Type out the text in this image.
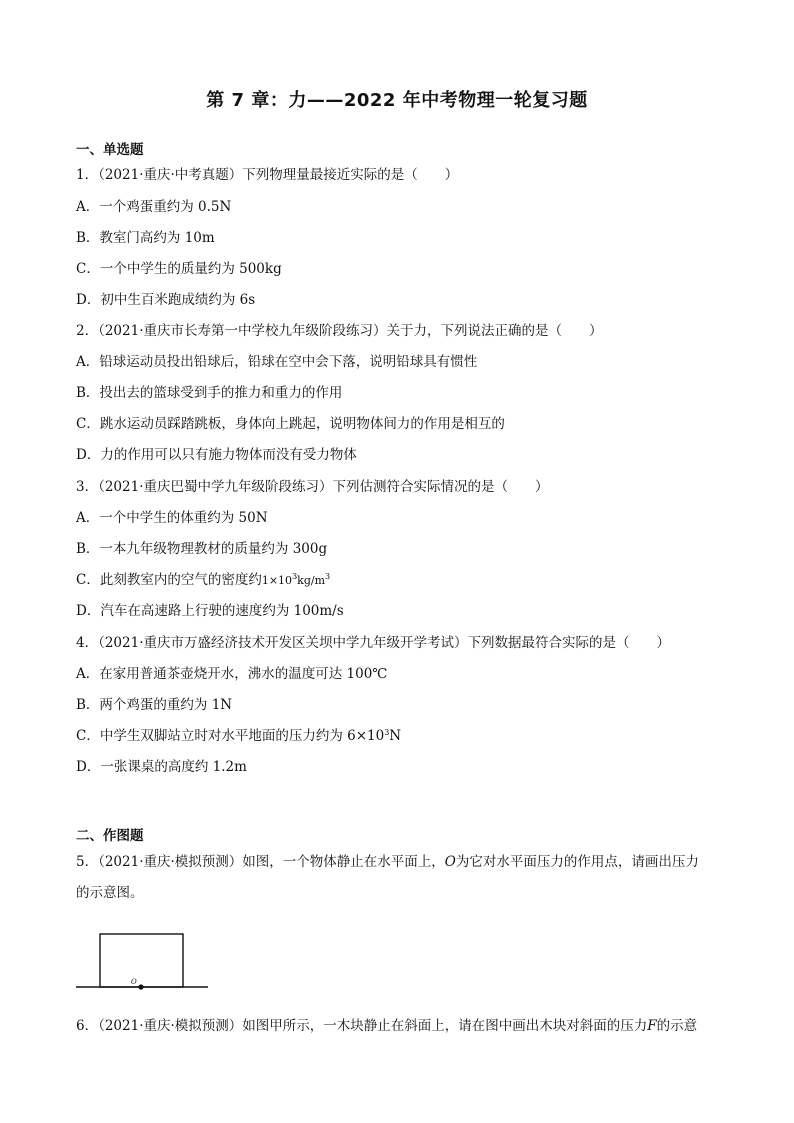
第 7 章：力——2022 年中考物理一轮复习题
一、单选题
1．（2021·重庆·中考真题）下列物理量最接近实际的是（　　）
A．一个鸡蛋重约为 0.5N
B．教室门高约为 10m
C．一个中学生的质量约为 500kg
D．初中生百米跑成绩约为 6s
2．（2021·重庆市长寿第一中学校九年级阶段练习）关于力，下列说法正确的是（　　）
A．铅球运动员投出铅球后，铅球在空中会下落，说明铅球具有惯性
B．投出去的篮球受到手的推力和重力的作用
C．跳水运动员踩踏跳板，身体向上跳起，说明物体间力的作用是相互的
D．力的作用可以只有施力物体而没有受力物体
3．（2021·重庆巴蜀中学九年级阶段练习）下列估测符合实际情况的是（　　）
A．一个中学生的体重约为 50N
B．一本九年级物理教材的质量约为 300g
C．此刻教室内的空气的密度约$1\times 10^3kg/m^3$
D．汽车在高速路上行驶的速度约为 100m/s
4．（2021·重庆市万盛经济技术开发区关坝中学九年级开学考试）下列数据最符合实际的是（　　）
A．在家用普通茶壶烧开水，沸水的温度可达 100℃
B．两个鸡蛋的重约为 1N
C．中学生双脚站立时对水平地面的压力约为 $6\times 10^3N$
D．一张课桌的高度约 1.2m
二、作图题
5．（2021·重庆·模拟预测）如图，一个物体静止在水平面上，O为它对水平面压力的作用点，请画出压力
的示意图。
O
6．（2021·重庆·模拟预测）如图甲所示，一木块静止在斜面上，请在图中画出木块对斜面的压力F的示意
